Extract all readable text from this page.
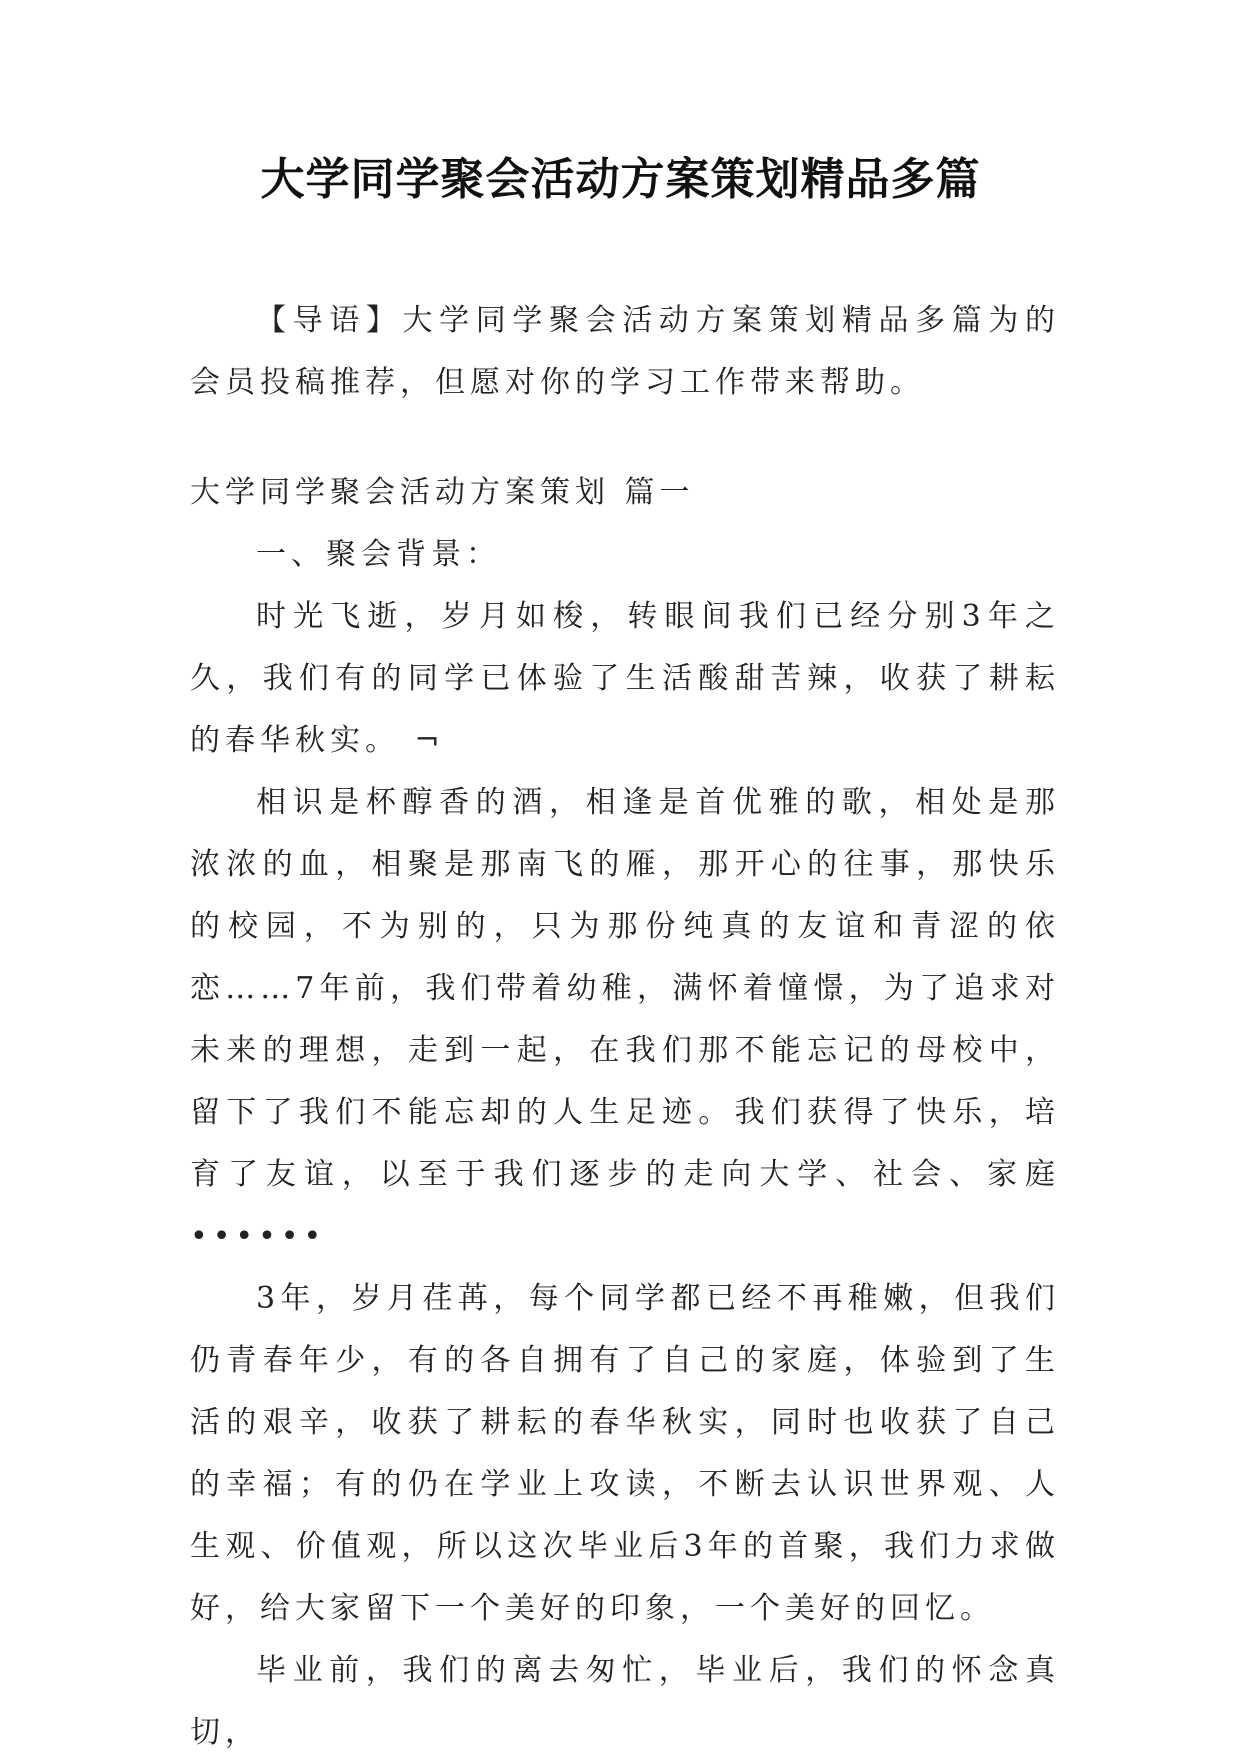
大学同学聚会活动方案策划精品多篇

【导语】大学同学聚会活动方案策划精品多篇为的会员投稿推荐，但愿对你的学习工作带来帮助。

大学同学聚会活动方案策划 篇一

一、聚会背景：

时光飞逝，岁月如梭，转眼间我们已经分别3年之久，我们有的同学已体验了生活酸甜苦辣，收获了耕耘的春华秋实。 ¬

相识是杯醇香的酒，相逢是首优雅的歌，相处是那浓浓的血，相聚是那南飞的雁，那开心的往事，那快乐的校园，不为别的，只为那份纯真的友谊和青涩的依恋……7年前，我们带着幼稚，满怀着憧憬，为了追求对未来的理想，走到一起，在我们那不能忘记的母校中，留下了我们不能忘却的人生足迹。我们获得了快乐，培育了友谊，以至于我们逐步的走向大学、社会、家庭••••••

3年，岁月荏苒，每个同学都已经不再稚嫩，但我们仍青春年少，有的各自拥有了自己的家庭，体验到了生活的艰辛，收获了耕耘的春华秋实，同时也收获了自己的幸福；有的仍在学业上攻读，不断去认识世界观、人生观、价值观，所以这次毕业后3年的首聚，我们力求做好，给大家留下一个美好的印象，一个美好的回忆。

毕业前，我们的离去匆忙，毕业后，我们的怀念真切，
